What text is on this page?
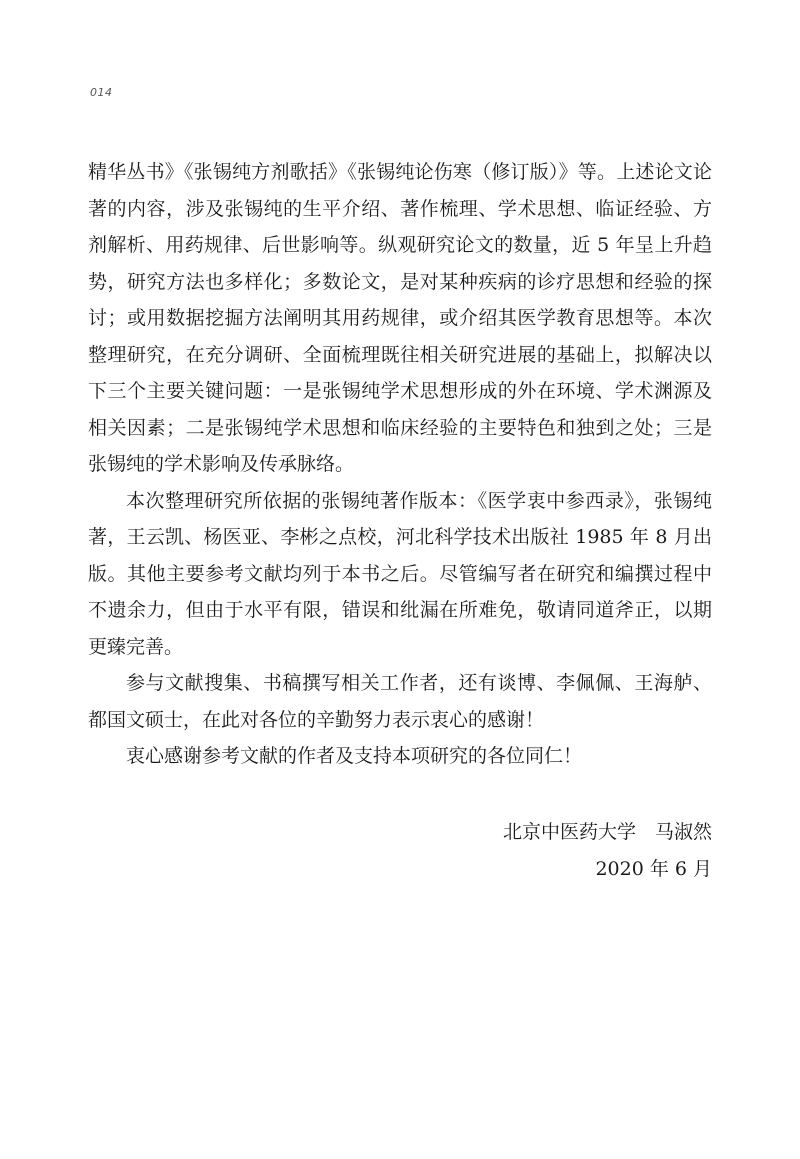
014

精华丛书》《张锡纯方剂歌括》《张锡纯论伤寒（修订版）》等。上述论文论著的内容，涉及张锡纯的生平介绍、著作梳理、学术思想、临证经验、方剂解析、用药规律、后世影响等。纵观研究论文的数量，近 5 年呈上升趋势，研究方法也多样化；多数论文，是对某种疾病的诊疗思想和经验的探讨；或用数据挖掘方法阐明其用药规律，或介绍其医学教育思想等。本次整理研究，在充分调研、全面梳理既往相关研究进展的基础上，拟解决以下三个主要关键问题：一是张锡纯学术思想形成的外在环境、学术渊源及相关因素；二是张锡纯学术思想和临床经验的主要特色和独到之处；三是张锡纯的学术影响及传承脉络。

本次整理研究所依据的张锡纯著作版本：《医学衷中参西录》，张锡纯著，王云凯、杨医亚、李彬之点校，河北科学技术出版社 1985 年 8 月出版。其他主要参考文献均列于本书之后。尽管编写者在研究和编撰过程中不遗余力，但由于水平有限，错误和纰漏在所难免，敬请同道斧正，以期更臻完善。

参与文献搜集、书稿撰写相关工作者，还有谈博、李佩佩、王海舻、都国文硕士，在此对各位的辛勤努力表示衷心的感谢！

衷心感谢参考文献的作者及支持本项研究的各位同仁！

北京中医药大学　马淑然
2020 年 6 月
